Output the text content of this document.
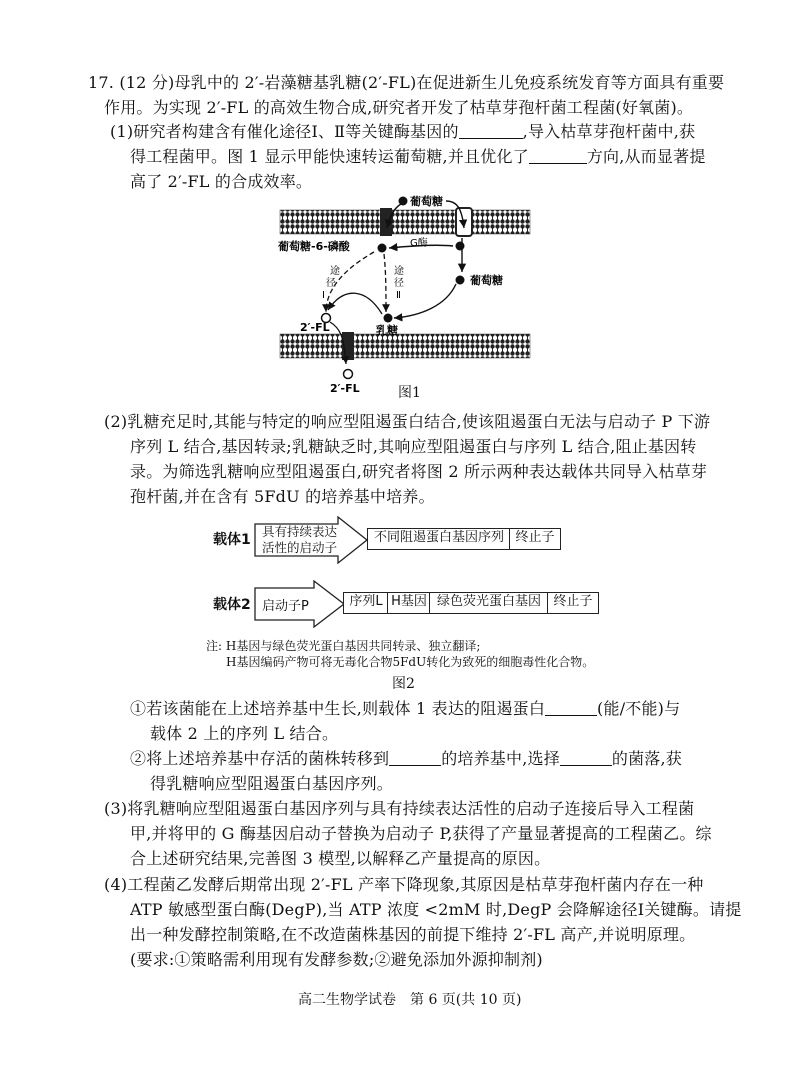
17. (12 分)母乳中的 2′-岩藻糖基乳糖(2′-FL)在促进新生儿免疫系统发育等方面具有重要
作用。为实现 2′-FL 的高效生物合成,研究者开发了枯草芽孢杆菌工程菌(好氧菌)。
(1)研究者构建含有催化途径Ⅰ、Ⅱ等关键酶基因的	,导入枯草芽孢杆菌中,获
得工程菌甲。图 1 显示甲能快速转运葡萄糖,并且优化了	方向,从而显著提
高了 2′-FL 的合成效率。
葡萄糖
葡萄糖-6-磷酸	G酶
葡萄糖
途
径
Ⅰ
途
径
Ⅱ
乳糖
2′-FL
2′-FL	图1
(2)乳糖充足时,其能与特定的响应型阻遏蛋白结合,使该阻遏蛋白无法与启动子 P 下游
序列 L 结合,基因转录;乳糖缺乏时,其响应型阻遏蛋白与序列 L 结合,阻止基因转
录。为筛选乳糖响应型阻遏蛋白,研究者将图 2 所示两种表达载体共同导入枯草芽
孢杆菌,并在含有 5FdU 的培养基中培养。
载体1
具有持续表达活性的启动子
不同阻遏蛋白基因序列 终止子
载体2 启动子P	序列L H基因 绿色荧光蛋白基因 终止子
注: H基因与绿色荧光蛋白基因共同转录、独立翻译;
H基因编码产物可将无毒化合物5FdU转化为致死的细胞毒性化合物。
图2
①若该菌能在上述培养基中生长,则载体 1 表达的阻遏蛋白	(能/不能)与
载体 2 上的序列 L 结合。
②将上述培养基中存活的菌株转移到	的培养基中,选择	的菌落,获
得乳糖响应型阻遏蛋白基因序列。
(3)将乳糖响应型阻遏蛋白基因序列与具有持续表达活性的启动子连接后导入工程菌
甲,并将甲的 G 酶基因启动子替换为启动子 P,获得了产量显著提高的工程菌乙。综
合上述研究结果,完善图 3 模型,以解释乙产量提高的原因。
(4)工程菌乙发酵后期常出现 2′-FL 产率下降现象,其原因是枯草芽孢杆菌内存在一种
ATP 敏感型蛋白酶(DegP),当 ATP 浓度 <2mM 时,DegP 会降解途径Ⅰ关键酶。请提
出一种发酵控制策略,在不改造菌株基因的前提下维持 2′-FL 高产,并说明原理。
(要求:①策略需利用现有发酵参数;②避免添加外源抑制剂)
高二生物学试卷　第 6 页(共 10 页)
